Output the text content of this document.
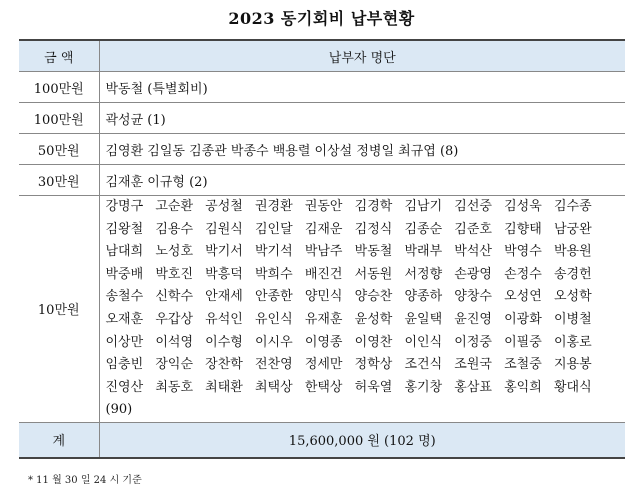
2023 동기회비 납부현황
금 액	납부자 명단
100만원	박동철 (특별회비)
100만원	곽성균 (1)
50만원	김영환 김일동 김종관 박종수 백용렬 이상설 정병일 최규엽 (8)
30만원	김재훈 이규형 (2)
10만원	강명구 고순환 공성철 권경환 권동안 김경학 김남기 김선중 김성욱 김수종 김왕철 김용수 김원식 김인달 김재운 김정식 김종순 김준호 김향태 남궁완 남대희 노성호 박기서 박기석 박남주 박동철 박래부 박석산 박영수 박용원 박중배 박호진 박흥덕 박희수 배진건 서동원 서정향 손광영 손정수 송경헌 송철수 신학수 안재세 안종한 양민식 양승찬 양종하 양창수 오성연 오성학 오재훈 우갑상 유석인 유인식 유재훈 윤성학 윤일택 윤진영 이광화 이병철 이상만 이석영 이수형 이시우 이영종 이영찬 이인식 이정중 이필중 이홍로 임충빈 장익순 장찬학 전찬영 정세만 정학상 조건식 조원국 조철중 지용봉 진영산 최동호 최태환 최택상 한택상 허욱열 홍기창 홍삼표 홍익희 황대식 (90)
계	15,600,000 원 (102 명)
* 11 월 30 일 24 시 기준
